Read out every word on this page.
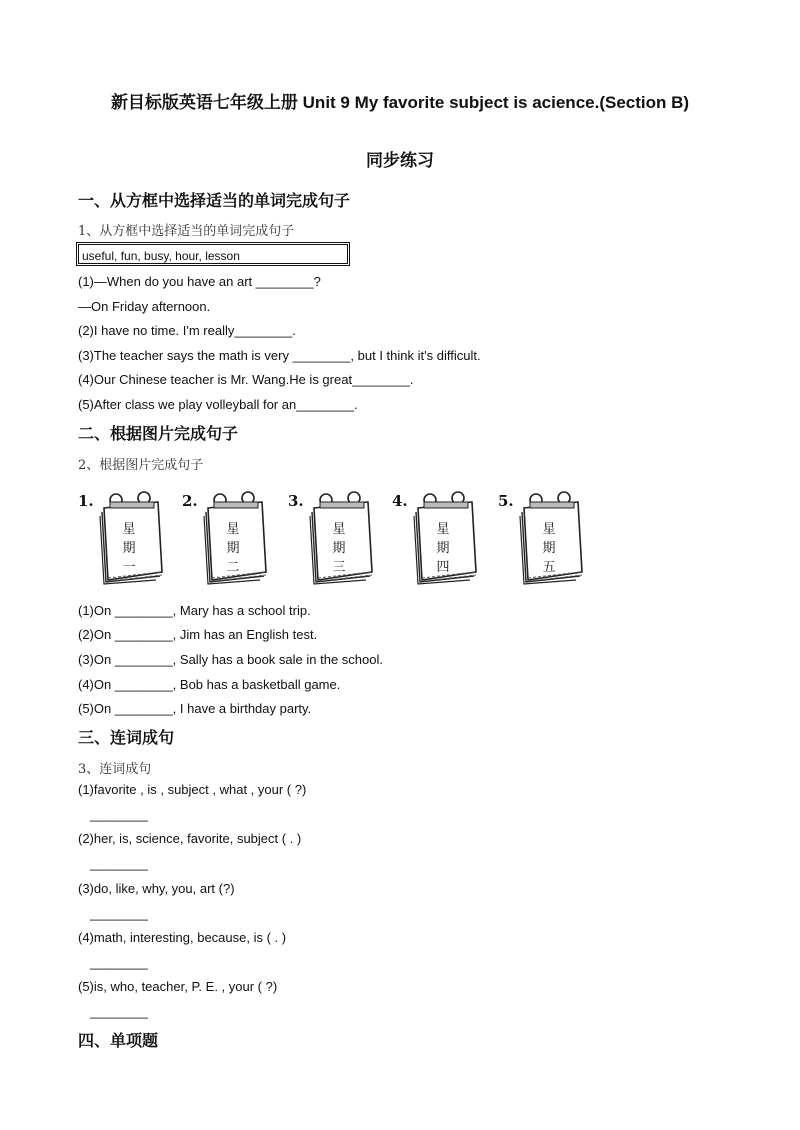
新目标版英语七年级上册 Unit 9 My favorite subject is acience.(Section B)
同步练习
一、从方框中选择适当的单词完成句子
1、从方框中选择适当的单词完成句子
useful, fun, busy, hour, lesson
(1)—When do you have an art ________?
—On Friday afternoon.
(2)I have no time. I'm really________.
(3)The teacher says the math is very ________, but I think it's difficult.
(4)Our Chinese teacher is Mr. Wang.He is great________.
(5)After class we play volleyball for an________.
二、根据图片完成句子
2、根据图片完成句子
1.
星期一
2.
星期二
3.
星期三
4.
星期四
5.
星期五
(1)On ________, Mary has a school trip.
(2)On ________, Jim has an English test.
(3)On ________, Sally has a book sale in the school.
(4)On ________, Bob has a basketball game.
(5)On ________, I have a birthday party.
三、连词成句
3、连词成句
(1)favorite , is , subject , what , your ( ?)
________
(2)her, is, science, favorite, subject ( . )
________
(3)do, like, why, you, art (?)
________
(4)math, interesting, because, is ( . )
________
(5)is, who, teacher, P. E. , your ( ?)
________
四、单项题
